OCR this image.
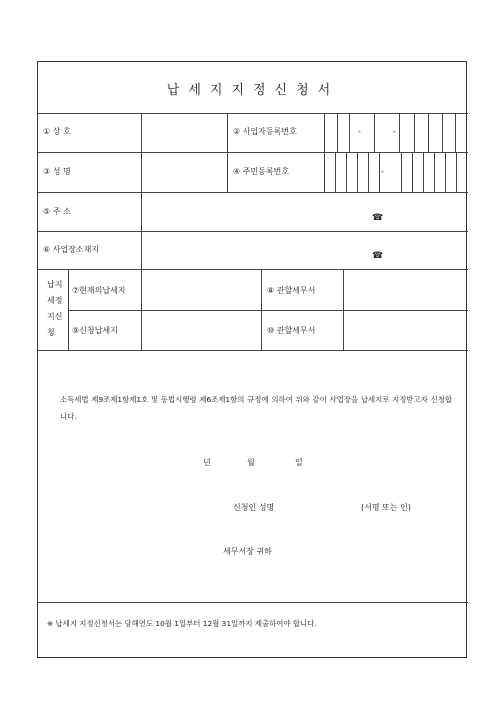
납세지지정신청서
① 상 호	② 사업자등록번호	-	-
③ 성 명	④ 주민등록번호	-
⑤ 주 소
☎
⑥ 사업장소재지
☎
납지
세정
지신
청
⑦현재의납세지	⑧ 관할세무서
⑨신청납세지	⑩ 관할세무서
소득세법 제9조제1항제1호 및 동법시행령 제6조제1항의 규정에 의하여 위와 같이 사업장을 납세지로 지정받고자 신청합니다.
년	월	일
신청인 성명	(서명 또는 인)
세무서장 귀하
※ 납세지 지정신청서는 당해연도 10월 1일부터 12월 31일까지 제출하여야 합니다.
